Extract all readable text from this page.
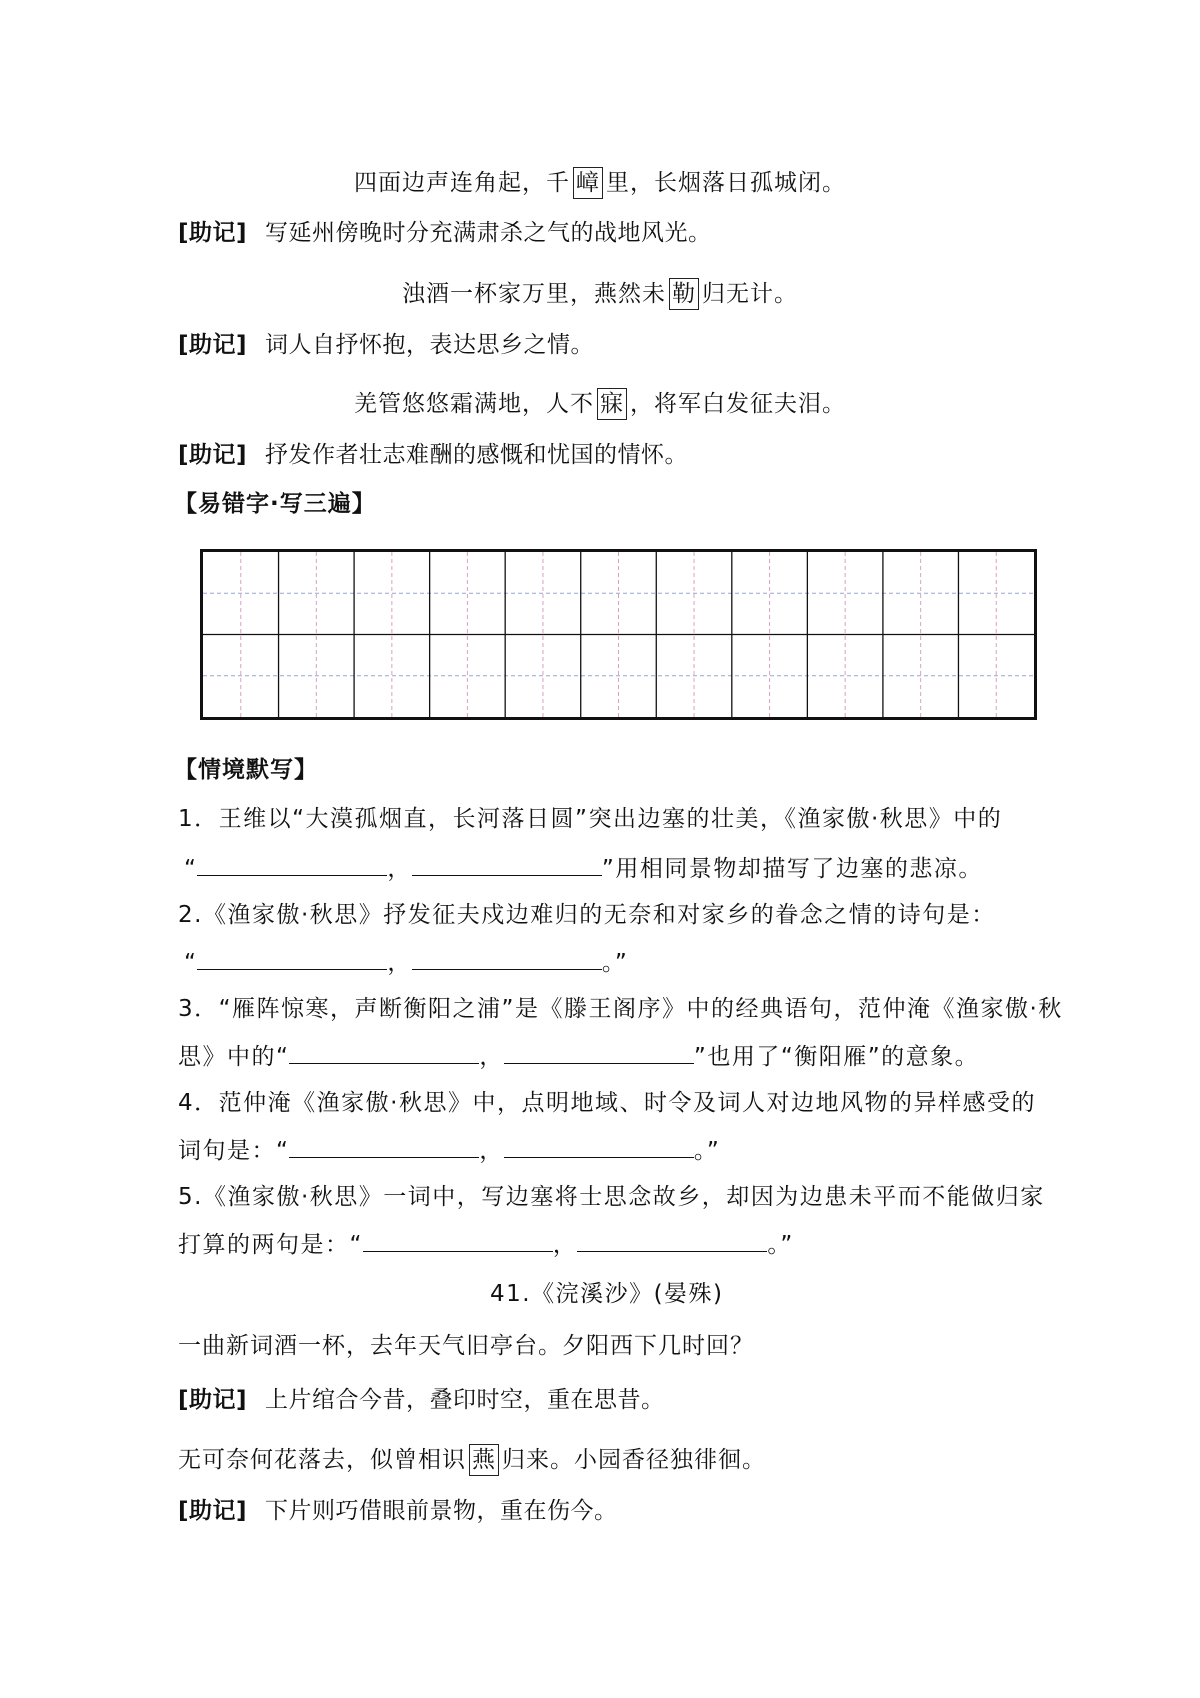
四面边声连角起，千 嶂 里，长烟落日孤城闭。
[助记] 写延州傍晚时分充满肃杀之气的战地风光。
浊酒一杯家万里，燕然未 勒 归无计。
[助记] 词人自抒怀抱，表达思乡之情。
羌管悠悠霜满地，人不 寐 ，将军白发征夫泪。
[助记] 抒发作者壮志难酬的感慨和忧国的情怀。
【易错字·写三遍】
【情境默写】
1．王维以“大漠孤烟直，长河落日圆”突出边塞的壮美，《渔家傲·秋思》中的
“	，	”用相同景物却描写了边塞的悲凉。
2.《渔家傲·秋思》抒发征夫戍边难归的无奈和对家乡的眷念之情的诗句是：
“	，	。”
3．“雁阵惊寒，声断衡阳之浦”是《滕王阁序》中的经典语句，范仲淹《渔家傲·秋
思》中的“	，	”也用了“衡阳雁”的意象。
4．范仲淹《渔家傲·秋思》中，点明地域、时令及词人对边地风物的异样感受的
词句是：“	，	。”
5.《渔家傲·秋思》一词中，写边塞将士思念故乡，却因为边患未平而不能做归家
打算的两句是：“	，	。”
41.《浣溪沙》(晏殊)
一曲新词酒一杯，去年天气旧亭台。夕阳西下几时回？
[助记] 上片绾合今昔，叠印时空，重在思昔。
无可奈何花落去，似曾相识 燕 归来。小园香径独徘徊。
[助记] 下片则巧借眼前景物，重在伤今。
